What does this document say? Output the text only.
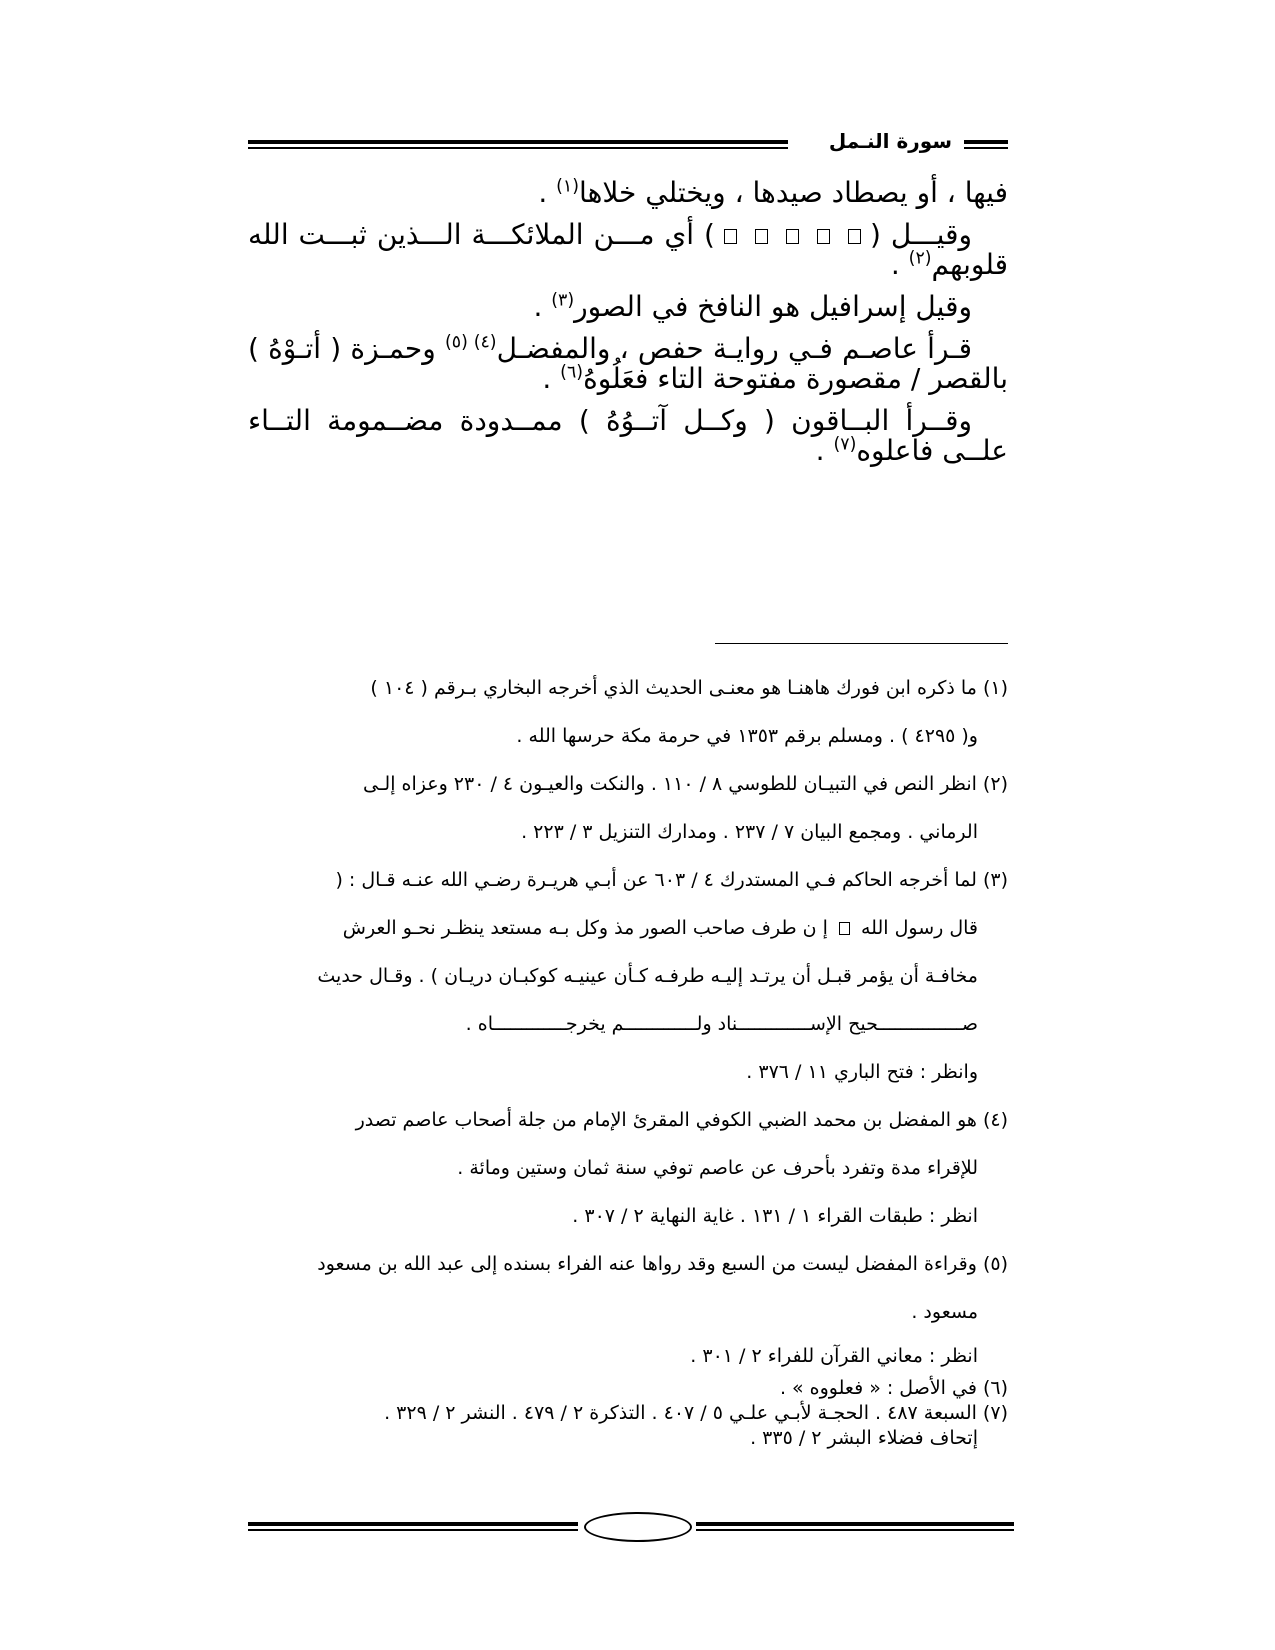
سورة النـمل

فيها ، أو يصطاد صيدها ، ويختلي خلاها$^{(١)}$ .

وقيـــل () أي مـــن الملائكـــة الـــذين ثبـــت الله قلوبهم$^{(٢)}$ .

وقيل إسرافيل هو النافخ في الصور$^{(٣)}$ .

قـرأ عاصـم فـي روايـة حفص ، والمفضـل$^{(٤)}$ $^{(٥)}$ وحمـزة ( أتـوْهُ ) بالقصر / مقصورة مفتوحة التاء فعَلُوهُ$^{(٦)}$ .

وقــرأ البــاقون ( وكــل آتــوُهُ ) ممــدودة مضــمومة التــاء علــى فاعلوه$^{(٧)}$ .

(١) ما ذكره ابن فورك هاهنـا هو معنـى الحديث الذي أخرجه البخاري بـرقم ( ١٠٤ )

و( ٤٢٩٥ ) . ومسلم برقم ١٣٥٣ في حرمة مكة حرسها الله .

(٢) انظر النص في التبيـان للطوسي ٨ / ١١٠ . والنكت والعيـون ٤ / ٢٣٠ وعزاه إلـى

الرماني . ومجمع البيان ٧ / ٢٣٧ . ومدارك التنزيل ٣ / ٢٢٣ .

(٣) لما أخرجه الحاكم فـي المستدرك ٤ / ٦٠٣ عن أبـي هريـرة رضـي الله عنـه قـال : (

قال رسول الله  إ ن طرف صاحب الصور مذ وكل بـه مستعد ينظـر نحـو العرش

مخافـة أن يؤمر قبـل أن يرتـد إليـه طرفـه كـأن عينيـه كوكبـان دريـان ) . وقـال حديث

صـــــــــــــــحيح الإســـــــــــــناد ولـــــــــــــم يخرجـــــــــــــاه .

وانظر : فتح الباري ١١ / ٣٧٦ .

(٤) هو المفضل بن محمد الضبي الكوفي المقرئ الإمام من جلة أصحاب عاصم تصدر

للإقراء مدة وتفرد بأحرف عن عاصم توفي سنة ثمان وستين ومائة .

انظر : طبقات القراء ١ / ١٣١ . غاية النهاية ٢ / ٣٠٧ .

(٥) وقراءة المفضل ليست من السبع وقد رواها عنه الفراء بسنده إلى عبد الله بن مسعود

مسعود .

انظر : معاني القرآن للفراء ٢ / ٣٠١ .

(٦) في الأصل : « فعلووه » .

(٧) السبعة ٤٨٧ . الحجـة لأبـي علـي ٥ / ٤٠٧ . التذكرة ٢ / ٤٧٩ . النشر ٢ / ٣٢٩ .

إتحاف فضلاء البشر ٢ / ٣٣٥ .
